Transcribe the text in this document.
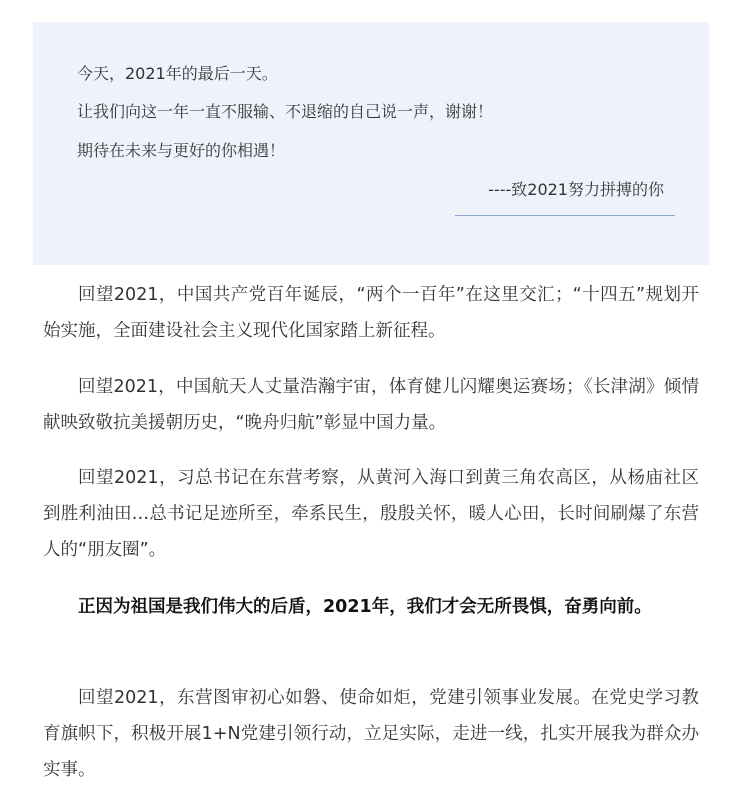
今天，2021年的最后一天。
让我们向这一年一直不服输、不退缩的自己说一声，谢谢！
期待在未来与更好的你相遇！
----致2021努力拼搏的你

回望2021，中国共产党百年诞辰，“两个一百年”在这里交汇；“十四五”规划开始实施，全面建设社会主义现代化国家踏上新征程。

回望2021，中国航天人丈量浩瀚宇宙，体育健儿闪耀奥运赛场；《长津湖》倾情献映致敬抗美援朝历史，“晚舟归航”彰显中国力量。

回望2021，习总书记在东营考察，从黄河入海口到黄三角农高区，从杨庙社区到胜利油田…总书记足迹所至，牵系民生，殷殷关怀，暖人心田，长时间刷爆了东营人的“朋友圈”。

正因为祖国是我们伟大的后盾，2021年，我们才会无所畏惧，奋勇向前。

回望2021，东营图审初心如磐、使命如炬，党建引领事业发展。在党史学习教育旗帜下，积极开展1+N党建引领行动，立足实际，走进一线，扎实开展我为群众办实事。
